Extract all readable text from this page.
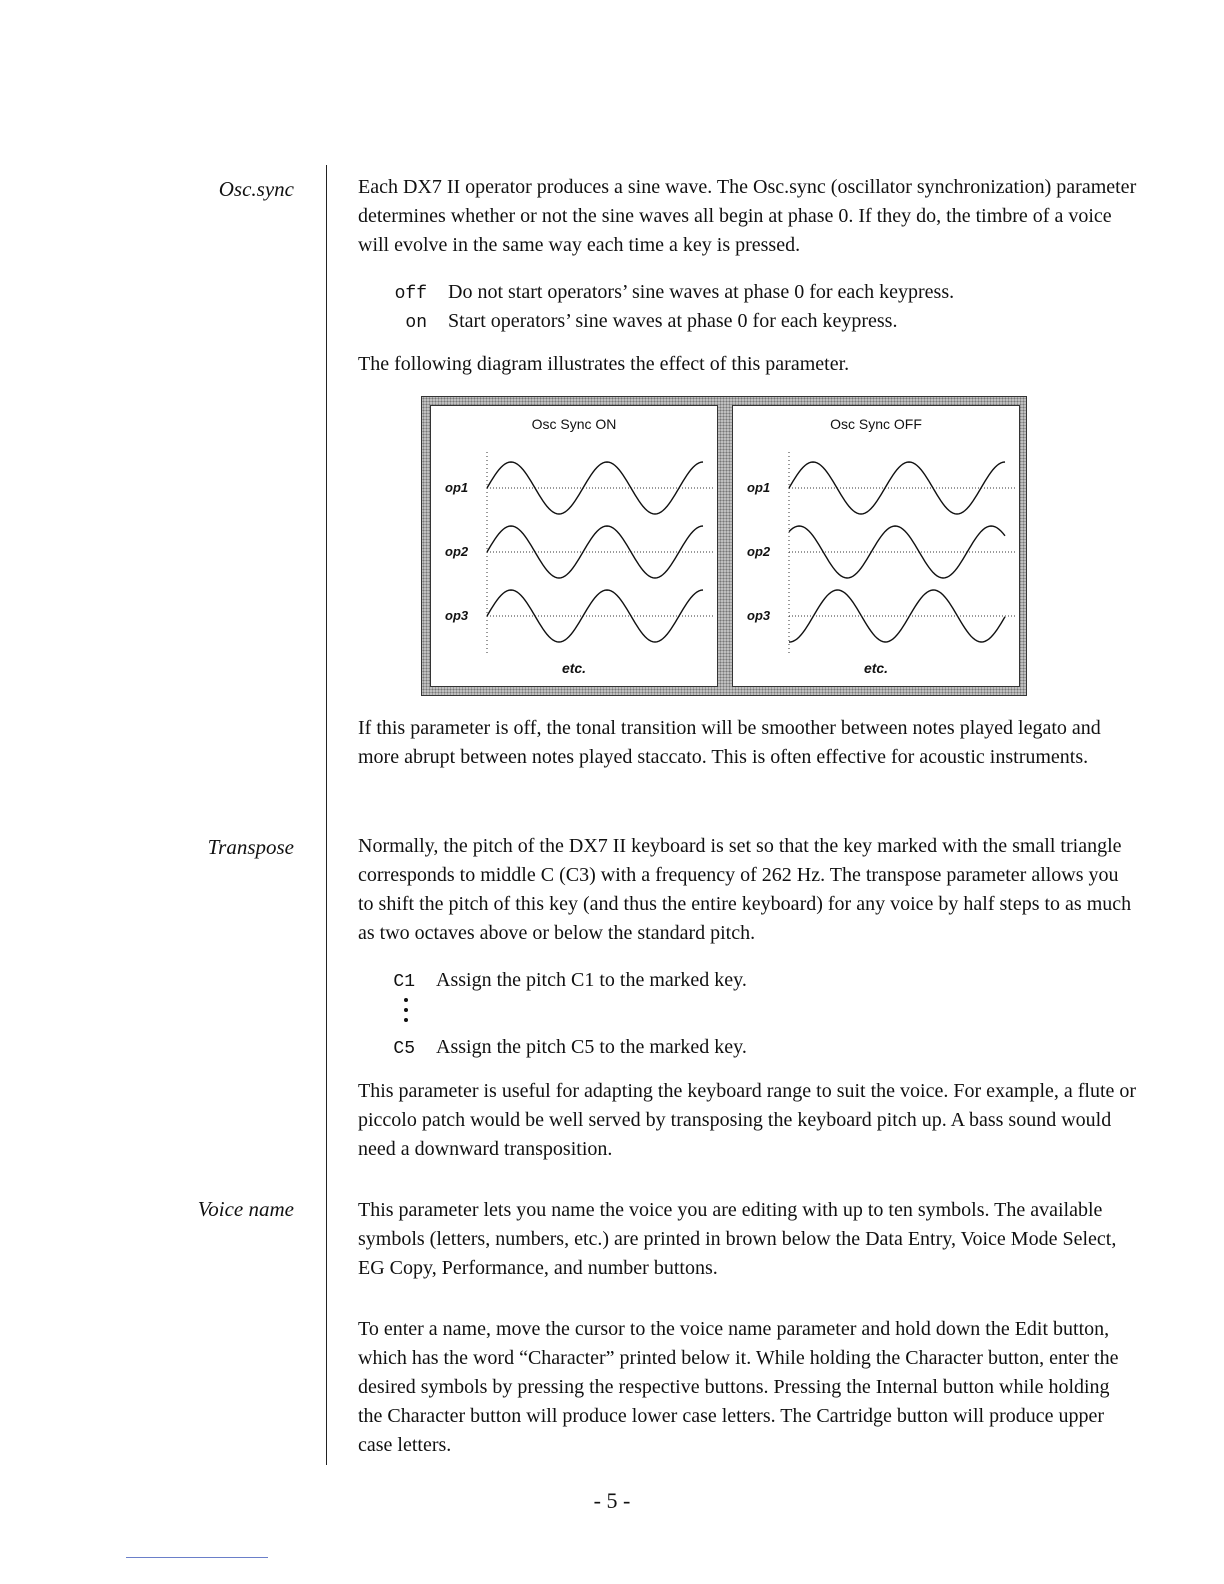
Osc.sync
Transpose
Voice name

Each DX7 II operator produces a sine wave. The Osc.sync (oscillator synchronization) parameter determines whether or not the sine waves all begin at phase 0. If they do, the timbre of a voice will evolve in the same way each time a key is pressed.

off Do not start operators’ sine waves at phase 0 for each keypress.
on Start operators’ sine waves at phase 0 for each keypress.

The following diagram illustrates the effect of this parameter.

Osc Sync ON
op1
op2
op3
etc.
Osc Sync OFF
op1
op2
op3
etc.

If this parameter is off, the tonal transition will be smoother between notes played legato and more abrupt between notes played staccato. This is often effective for acoustic instruments.

Normally, the pitch of the DX7 II keyboard is set so that the key marked with the small triangle corresponds to middle C (C3) with a frequency of 262 Hz. The transpose parameter allows you to shift the pitch of this key (and thus the entire keyboard) for any voice by half steps to as much as two octaves above or below the standard pitch.

C1 Assign the pitch C1 to the marked key.
C5 Assign the pitch C5 to the marked key.

This parameter is useful for adapting the keyboard range to suit the voice. For example, a flute or piccolo patch would be well served by transposing the keyboard pitch up. A bass sound would need a downward transposition.

This parameter lets you name the voice you are editing with up to ten symbols. The available symbols (letters, numbers, etc.) are printed in brown below the Data Entry, Voice Mode Select, EG Copy, Performance, and number buttons.

To enter a name, move the cursor to the voice name parameter and hold down the Edit button, which has the word “Character” printed below it. While holding the Character button, enter the desired symbols by pressing the respective buttons. Pressing the Internal button while holding the Character button will produce lower case letters. The Cartridge button will produce upper case letters.

- 5 -
